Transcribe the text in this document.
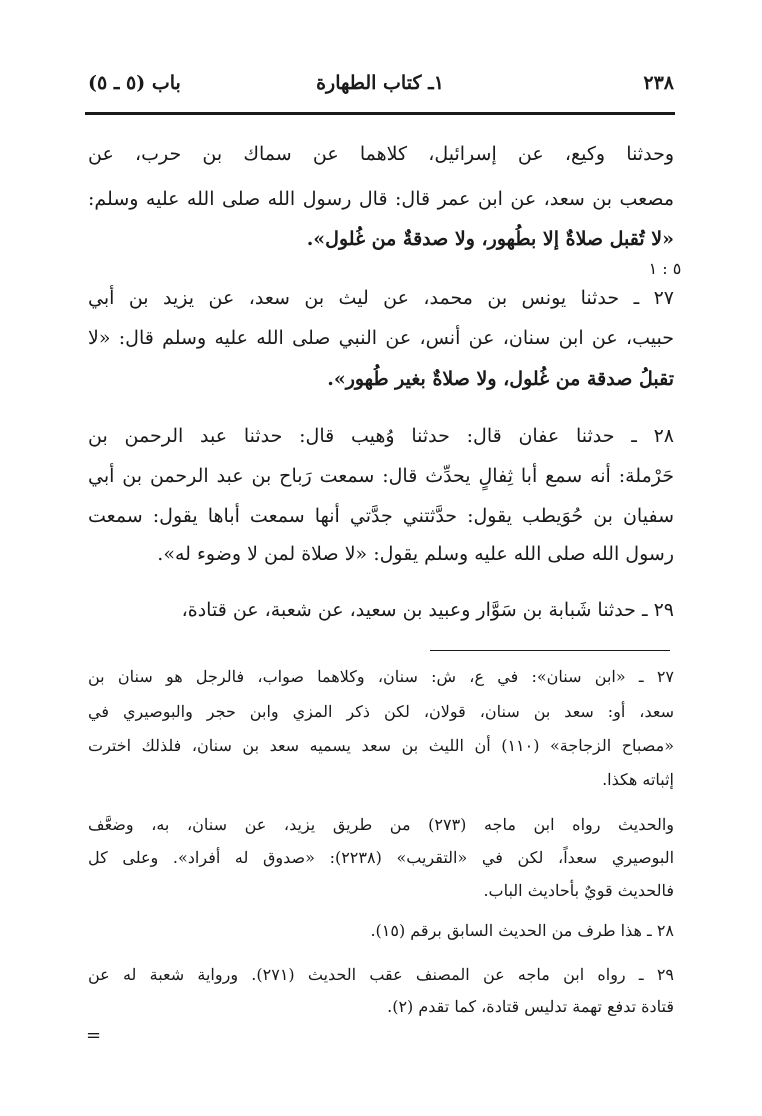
٢٣٨
١ـ كتاب الطهارة
باب (٥ ـ ٥)
٥ : ١
وحدثنا وكيع، عن إسرائيل، كلاهما عن سماك بن حرب، عن
مصعب بن سعد، عن ابن عمر قال: قال رسول الله صلى الله عليه وسلم:
«لا تُقبل صلاةٌ إلا بطُهور، ولا صدقةٌ من غُلول».
٢٧ ـ حدثنا يونس بن محمد، عن ليث بن سعد، عن يزيد بن أبي
حبيب، عن ابن سنان، عن أنس، عن النبي صلى الله عليه وسلم قال: «لا
تقبلُ صدقة من غُلول، ولا صلاةٌ بغير طُهور».
٢٨ ـ حدثنا عفان قال: حدثنا وُهيب قال: حدثنا عبد الرحمن بن
حَرْملة: أنه سمع أبا ثِفالٍ يحدِّث قال: سمعت رَباح بن عبد الرحمن بن أبي
سفيان بن حُوَيطب يقول: حدَّثتني جدَّتي أنها سمعت أباها يقول: سمعت
رسول الله صلى الله عليه وسلم يقول: «لا صلاة لمن لا وضوء له».
٢٩ ـ حدثنا شَبابة بن سَوَّار وعبيد بن سعيد، عن شعبة، عن قتادة،
٢٧ ـ «ابن سنان»: في ع، ش: سنان، وكلاهما صواب، فالرجل هو سنان بن
سعد، أو: سعد بن سنان، قولان، لكن ذكر المزي وابن حجر والبوصيري في
«مصباح الزجاجة» (١١٠) أن الليث بن سعد يسميه سعد بن سنان، فلذلك اخترت
إثباته هكذا.
والحديث رواه ابن ماجه (٢٧٣) من طريق يزيد، عن سنان، به، وضعَّف
البوصيري سعداً، لكن في «التقريب» (٢٢٣٨): «صدوق له أفراد». وعلى كل
فالحديث قويٌ بأحاديث الباب.
٢٨ ـ هذا طرف من الحديث السابق برقم (١٥).
٢٩ ـ رواه ابن ماجه عن المصنف عقب الحديث (٢٧١). ورواية شعبة له عن
قتادة تدفع تهمة تدليس قتادة، كما تقدم (٢).
=
